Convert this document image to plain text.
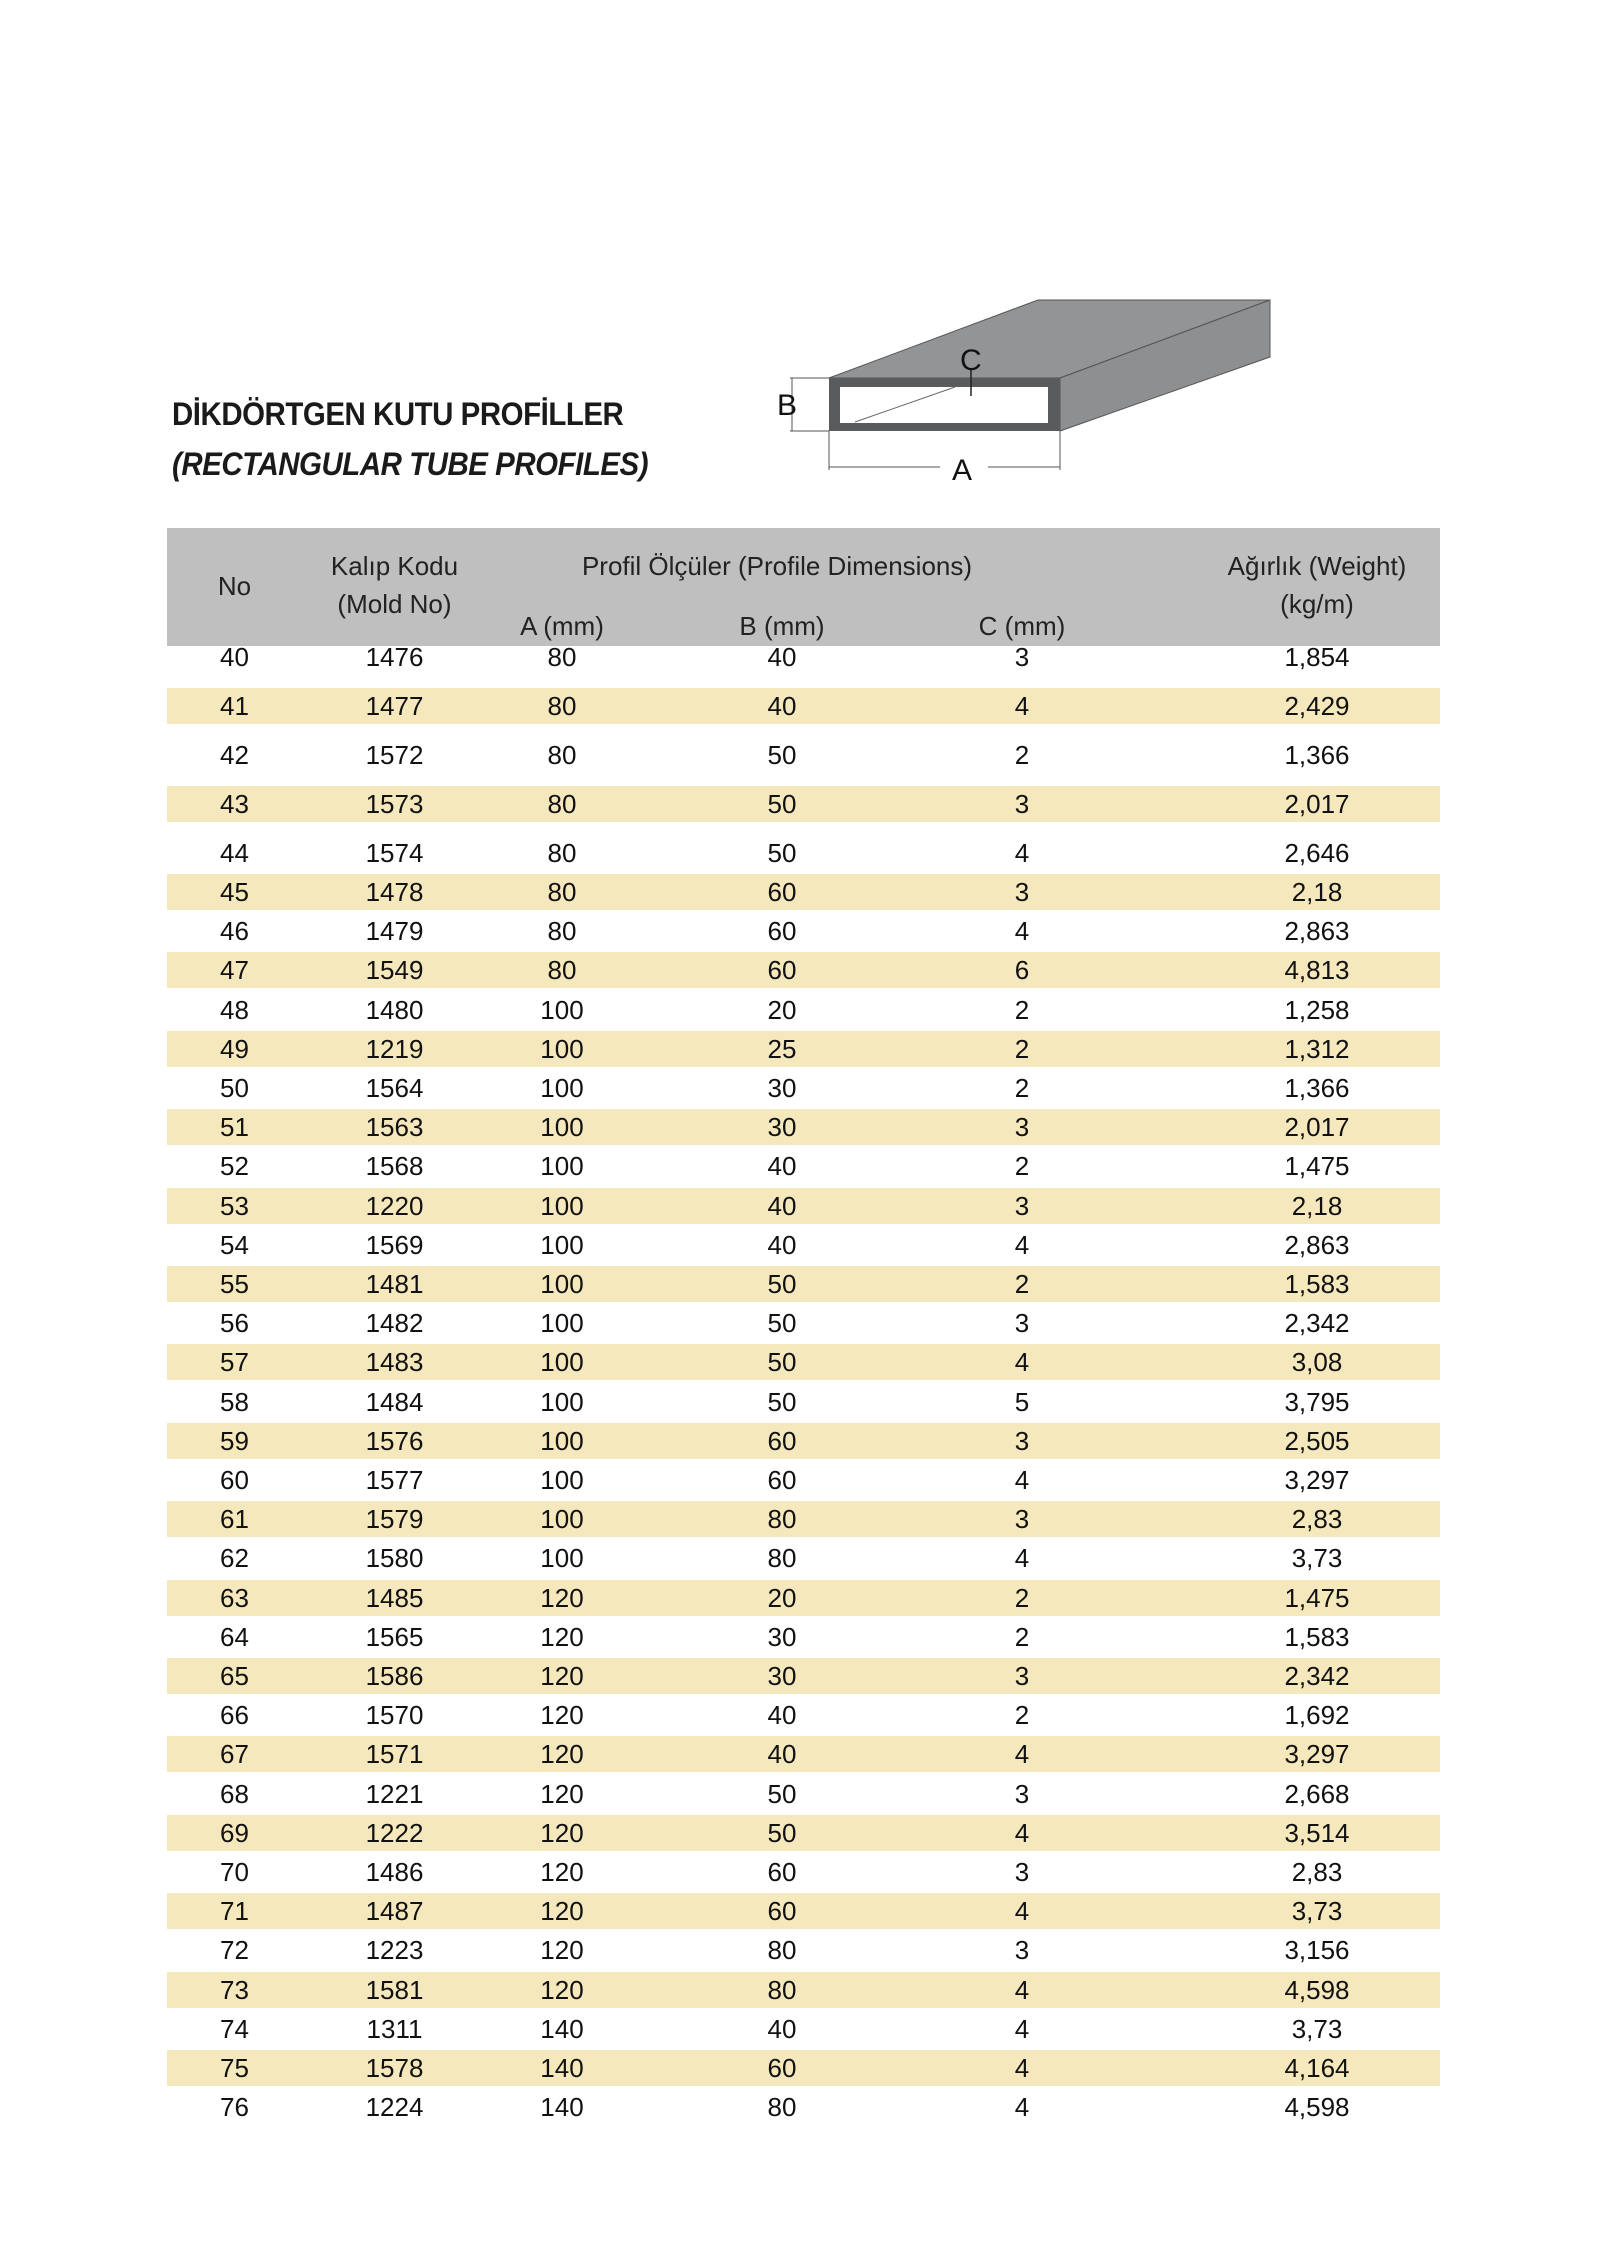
DİKDÖRTGEN KUTU PROFİLLER
(RECTANGULAR TUBE PROFILES)
B
A
C
No
Kalıp Kodu
(Mold No)
Profil Ölçüler (Profile Dimensions)
A (mm)	B (mm)	C (mm)
Ağırlık (Weight)
(kg/m)
40	1476	80	40	3	1,854
41	1477	80	40	4	2,429
42	1572	80	50	2	1,366
43	1573	80	50	3	2,017
44	1574	80	50	4	2,646
45	1478	80	60	3	2,18
46	1479	80	60	4	2,863
47	1549	80	60	6	4,813
48	1480	100	20	2	1,258
49	1219	100	25	2	1,312
50	1564	100	30	2	1,366
51	1563	100	30	3	2,017
52	1568	100	40	2	1,475
53	1220	100	40	3	2,18
54	1569	100	40	4	2,863
55	1481	100	50	2	1,583
56	1482	100	50	3	2,342
57	1483	100	50	4	3,08
58	1484	100	50	5	3,795
59	1576	100	60	3	2,505
60	1577	100	60	4	3,297
61	1579	100	80	3	2,83
62	1580	100	80	4	3,73
63	1485	120	20	2	1,475
64	1565	120	30	2	1,583
65	1586	120	30	3	2,342
66	1570	120	40	2	1,692
67	1571	120	40	4	3,297
68	1221	120	50	3	2,668
69	1222	120	50	4	3,514
70	1486	120	60	3	2,83
71	1487	120	60	4	3,73
72	1223	120	80	3	3,156
73	1581	120	80	4	4,598
74	1311	140	40	4	3,73
75	1578	140	60	4	4,164
76	1224	140	80	4	4,598
